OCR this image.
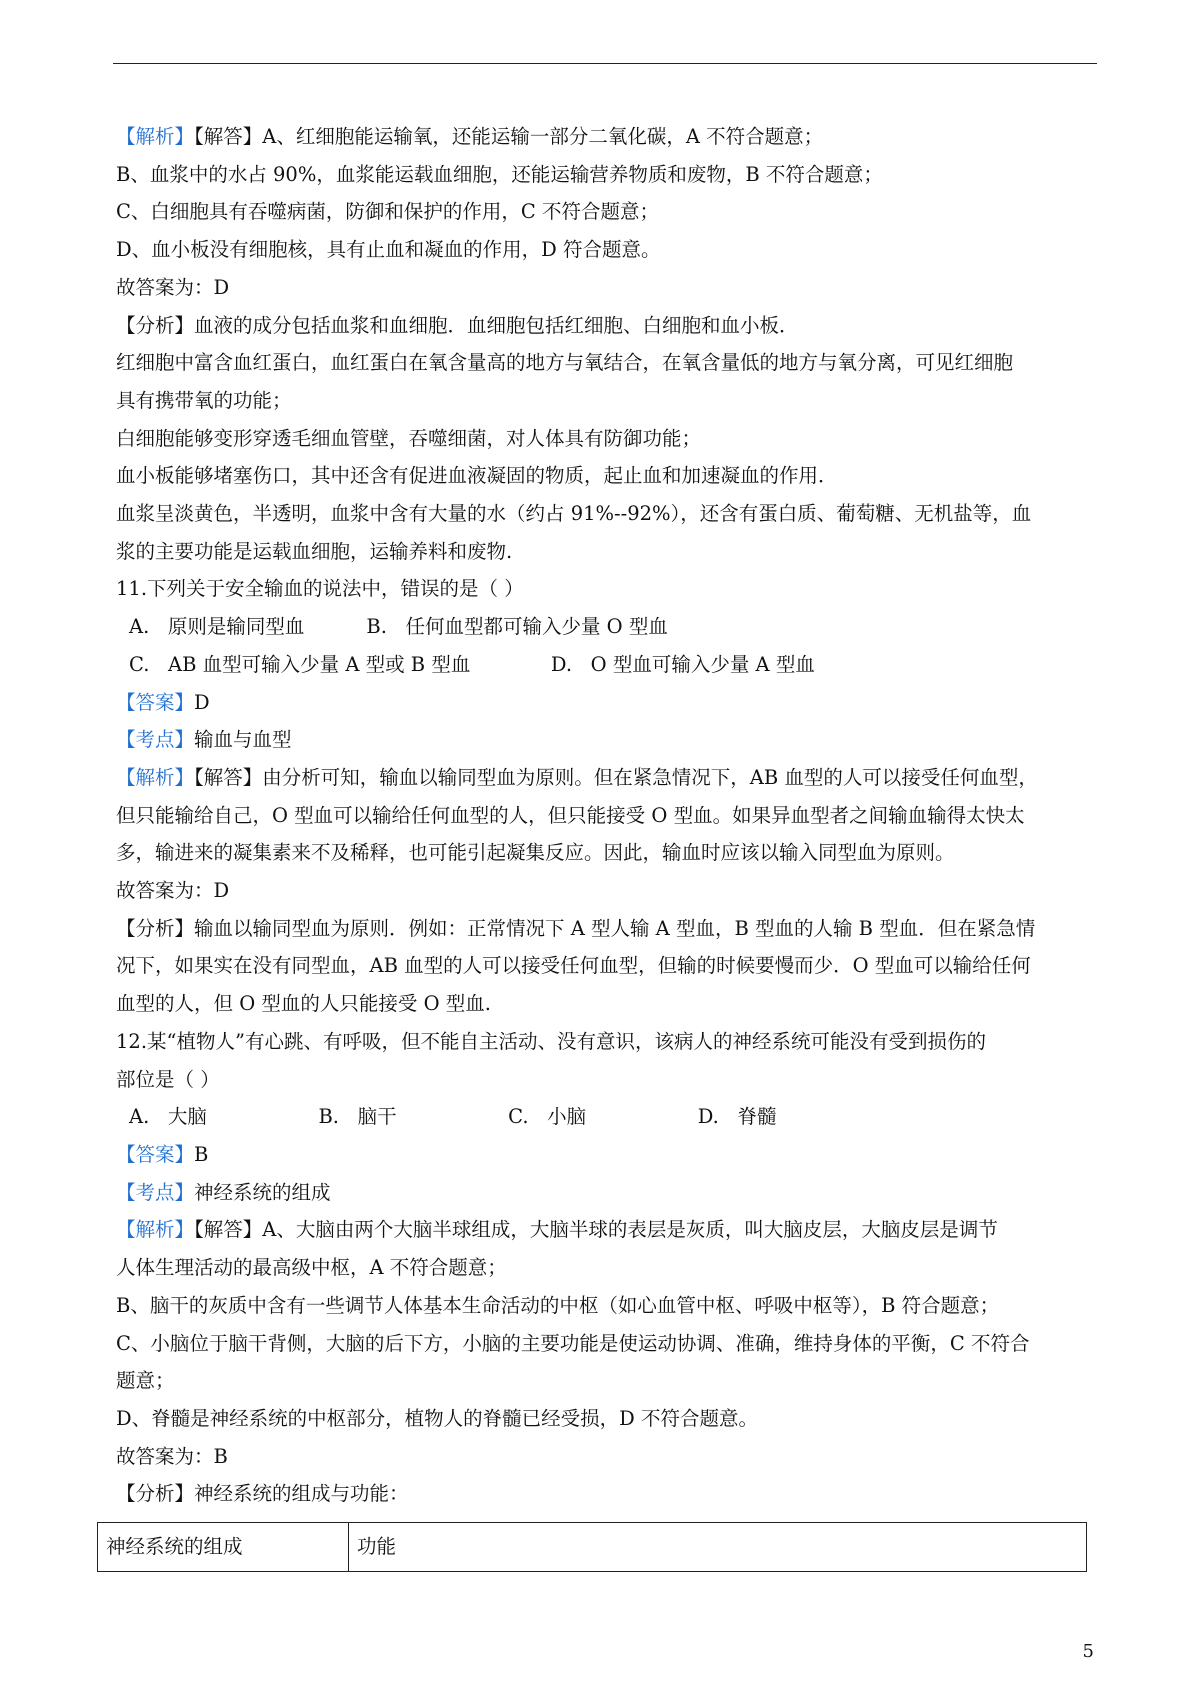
【解析】【解答】A、红细胞能运输氧，还能运输一部分二氧化碳，A 不符合题意；
B、血浆中的水占 90%，血浆能运载血细胞，还能运输营养物质和废物，B 不符合题意；
C、白细胞具有吞噬病菌，防御和保护的作用，C 不符合题意；
D、血小板没有细胞核，具有止血和凝血的作用，D 符合题意。
故答案为：D
【分析】血液的成分包括血浆和血细胞．血细胞包括红细胞、白细胞和血小板．
红细胞中富含血红蛋白，血红蛋白在氧含量高的地方与氧结合，在氧含量低的地方与氧分离，可见红细胞
具有携带氧的功能；
白细胞能够变形穿透毛细血管壁，吞噬细菌，对人体具有防御功能；
血小板能够堵塞伤口，其中还含有促进血液凝固的物质，起止血和加速凝血的作用．
血浆呈淡黄色，半透明，血浆中含有大量的水（约占 91%--92%），还含有蛋白质、葡萄糖、无机盐等，血
浆的主要功能是运载血细胞，运输养料和废物.
11.下列关于安全输血的说法中，错误的是（ ）
A.   原则是输同型血          B.   任何血型都可输入少量 O 型血
C.   AB 血型可输入少量 A 型或 B 型血             D.   O 型血可输入少量 A 型血
【答案】D
【考点】输血与血型
【解析】【解答】由分析可知，输血以输同型血为原则。但在紧急情况下，AB 血型的人可以接受任何血型，
但只能输给自己，O 型血可以输给任何血型的人，但只能接受 O 型血。如果异血型者之间输血输得太快太
多，输进来的凝集素来不及稀释，也可能引起凝集反应。因此，输血时应该以输入同型血为原则。
故答案为：D
【分析】输血以输同型血为原则．例如：正常情况下 A 型人输 A 型血，B 型血的人输 B 型血．但在紧急情
况下，如果实在没有同型血，AB 血型的人可以接受任何血型，但输的时候要慢而少．O 型血可以输给任何
血型的人，但 O 型血的人只能接受 O 型血.
12.某“植物人”有心跳、有呼吸，但不能自主活动、没有意识，该病人的神经系统可能没有受到损伤的
部位是（ ）
A.   大脑                  B.   脑干                  C.   小脑                  D.   脊髓
【答案】B
【考点】神经系统的组成
【解析】【解答】A、大脑由两个大脑半球组成，大脑半球的表层是灰质，叫大脑皮层，大脑皮层是调节
人体生理活动的最高级中枢，A 不符合题意；
B、脑干的灰质中含有一些调节人体基本生命活动的中枢（如心血管中枢、呼吸中枢等），B 符合题意；
C、小脑位于脑干背侧，大脑的后下方，小脑的主要功能是使运动协调、准确，维持身体的平衡，C 不符合
题意；
D、脊髓是神经系统的中枢部分，植物人的脊髓已经受损，D 不符合题意。
故答案为：B
【分析】神经系统的组成与功能：
神经系统的组成	功能
5
